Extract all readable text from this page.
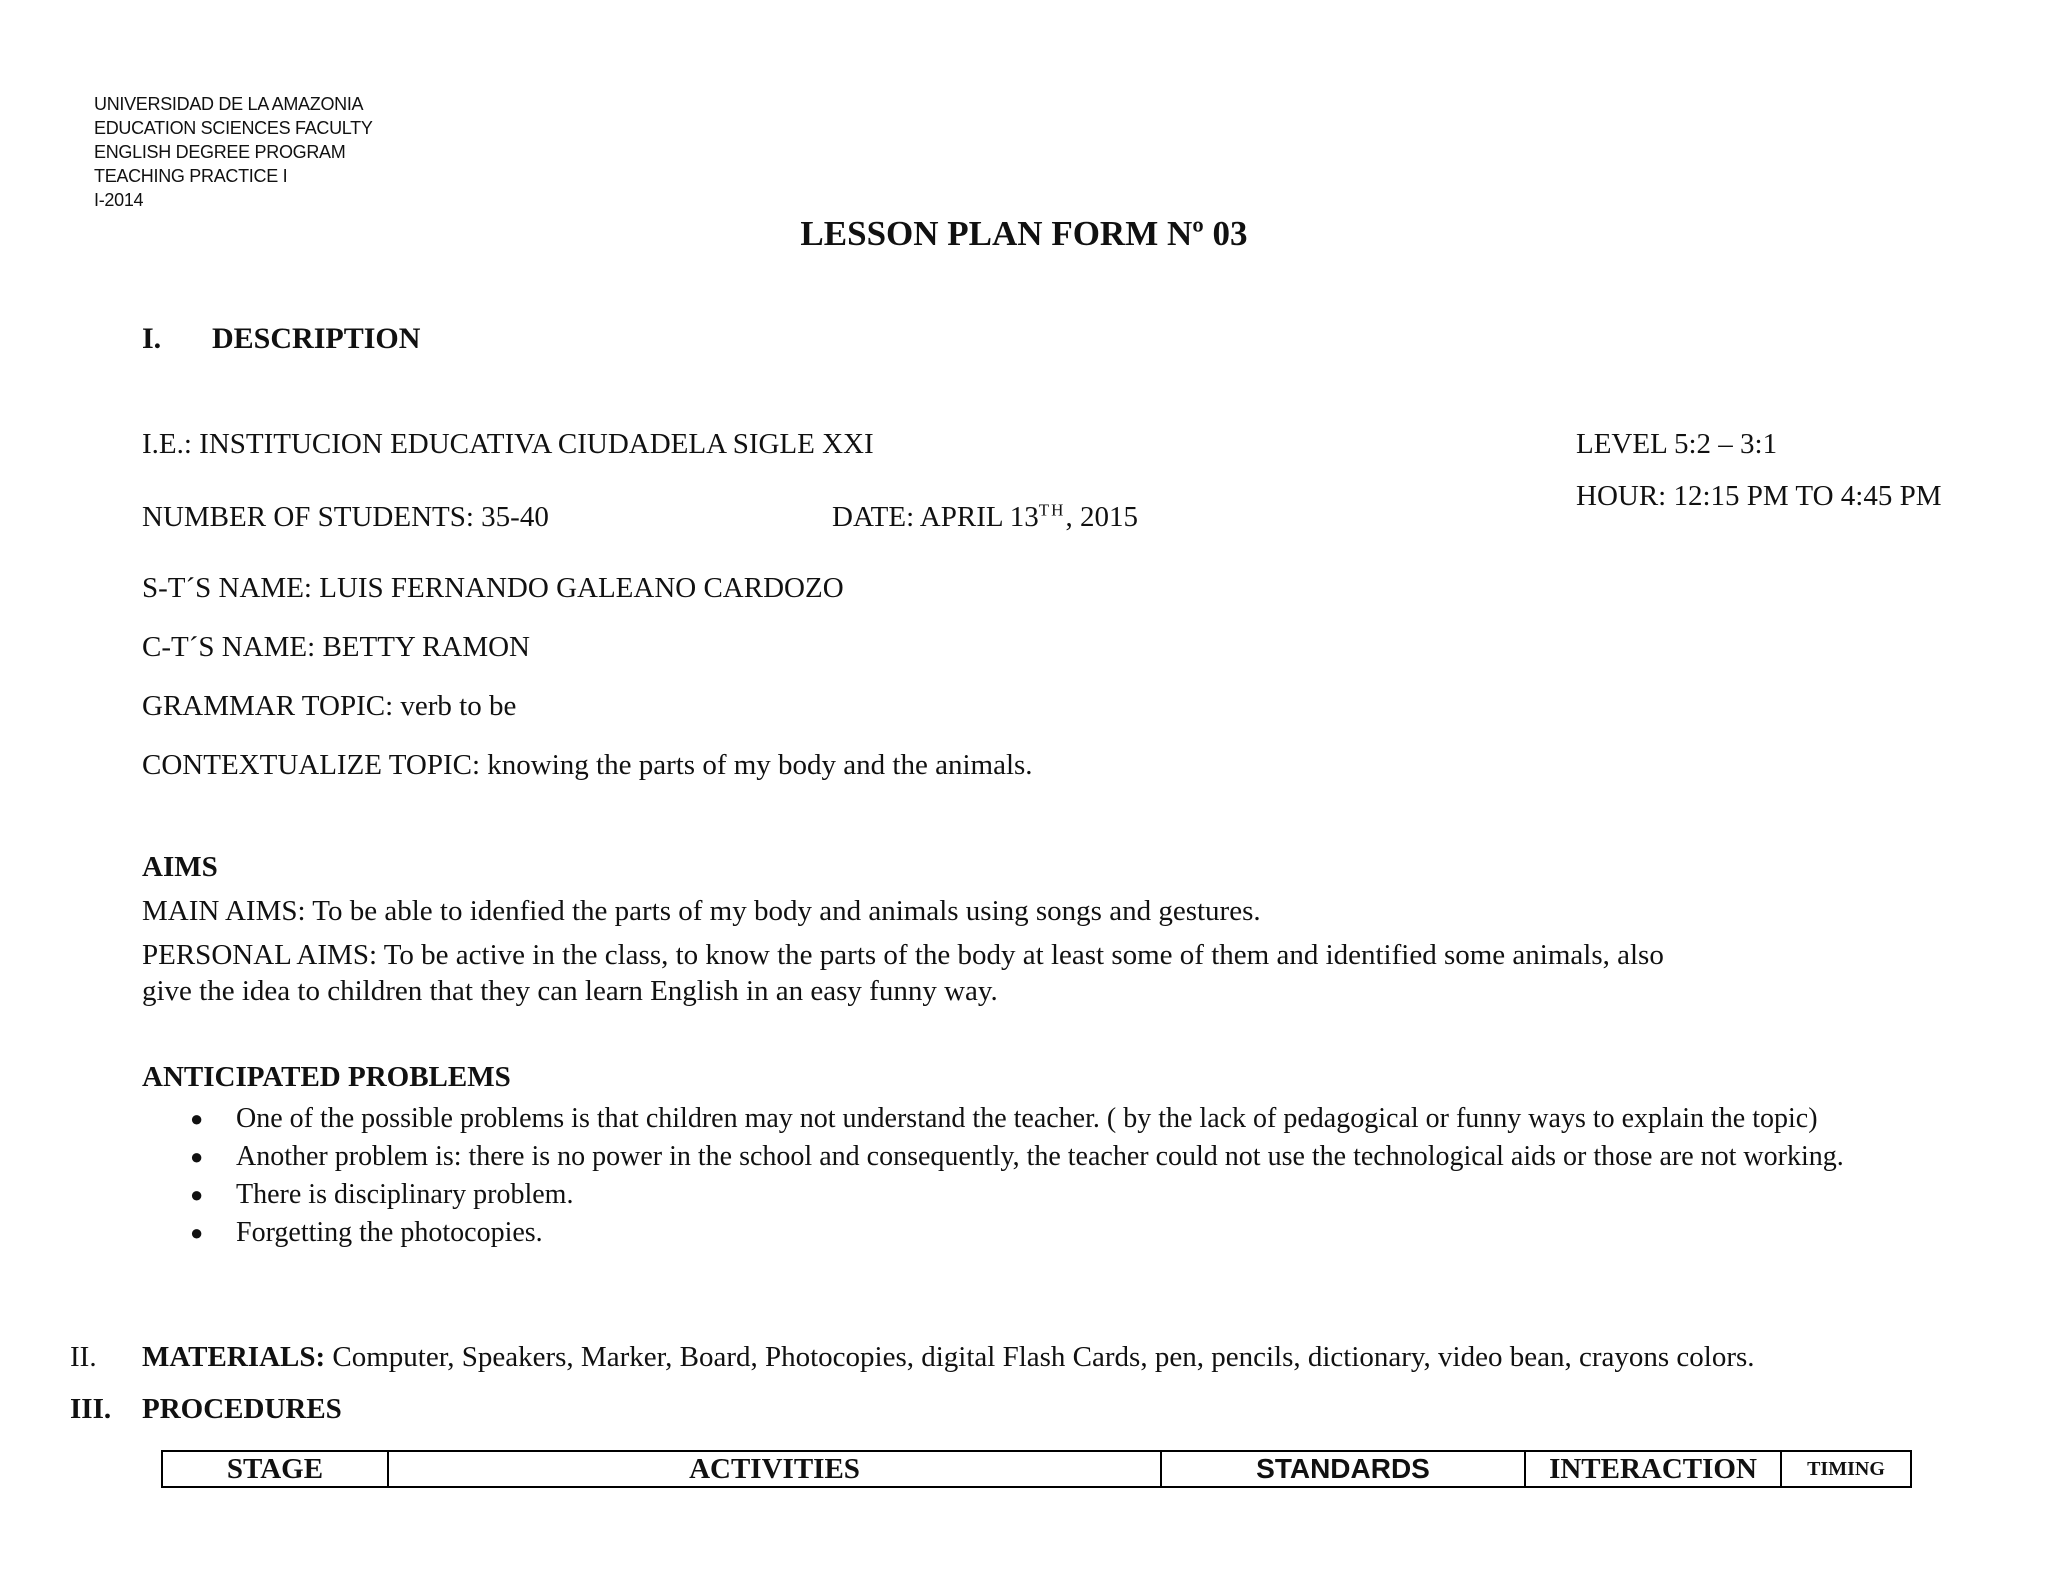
UNIVERSIDAD DE LA AMAZONIA
EDUCATION SCIENCES FACULTY
ENGLISH DEGREE PROGRAM
TEACHING PRACTICE I
I-2014
LESSON PLAN FORM Nº 03
I. DESCRIPTION
I.E.: INSTITUCION EDUCATIVA CIUDADELA SIGLE XXI	LEVEL 5:2 – 3:1
HOUR: 12:15 PM TO 4:45 PM
NUMBER OF STUDENTS: 35-40	DATE: APRIL 13TH, 2015
S-T´S NAME: LUIS FERNANDO GALEANO CARDOZO
C-T´S NAME: BETTY RAMON
GRAMMAR TOPIC: verb to be
CONTEXTUALIZE TOPIC: knowing the parts of my body and the animals.
AIMS
MAIN AIMS: To be able to idenfied the parts of my body and animals using songs and gestures.
PERSONAL AIMS: To be active in the class, to know the parts of the body at least some of them and identified some animals, also
give the idea to children that they can learn English in an easy funny way.
ANTICIPATED PROBLEMS
● One of the possible problems is that children may not understand the teacher. ( by the lack of pedagogical or funny ways to explain the topic)
● Another problem is: there is no power in the school and consequently, the teacher could not use the technological aids or those are not working.
● There is disciplinary problem.
● Forgetting the photocopies.
II. MATERIALS: Computer, Speakers, Marker, Board, Photocopies, digital Flash Cards, pen, pencils, dictionary, video bean, crayons colors.
III. PROCEDURES
STAGE	ACTIVITIES	STANDARDS	INTERACTION	TIMING
